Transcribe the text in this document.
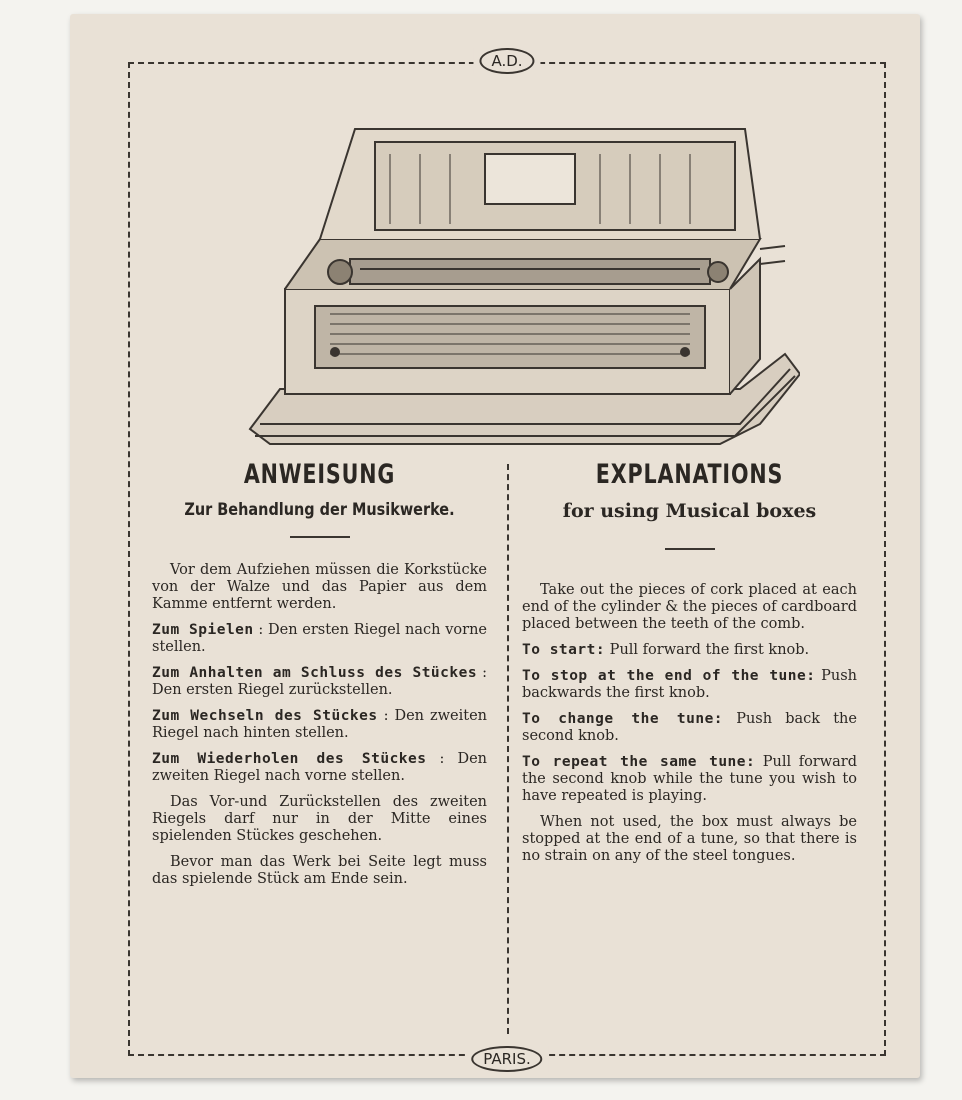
A.D.
ANWEISUNG
Zur Behandlung der Musikwerke.

Vor dem Aufziehen müssen die Korkstücke von der Walze und das Papier aus dem Kamme entfernt werden.

Zum Spielen : Den ersten Riegel nach vorne stellen.

Zum Anhalten am Schluss des Stückes : Den ersten Riegel zurückstellen.

Zum Wechseln des Stückes : Den zweiten Riegel nach hinten stellen.

Zum Wiederholen des Stückes : Den zweiten Riegel nach vorne stellen.

Das Vor-und Zurückstellen des zweiten Riegels darf nur in der Mitte eines spielenden Stückes geschehen.

Bevor man das Werk bei Seite legt muss das spielende Stück am Ende sein.

EXPLANATIONS
for using Musical boxes

Take out the pieces of cork placed at each end of the cylinder & the pieces of cardboard placed between the teeth of the comb.

To start: Pull forward the first knob.

To stop at the end of the tune: Push backwards the first knob.

To change the tune: Push back the second knob.

To repeat the same tune: Pull forward the second knob while the tune you wish to have repeated is playing.

When not used, the box must always be stopped at the end of a tune, so that there is no strain on any of the steel tongues.

PARIS.
